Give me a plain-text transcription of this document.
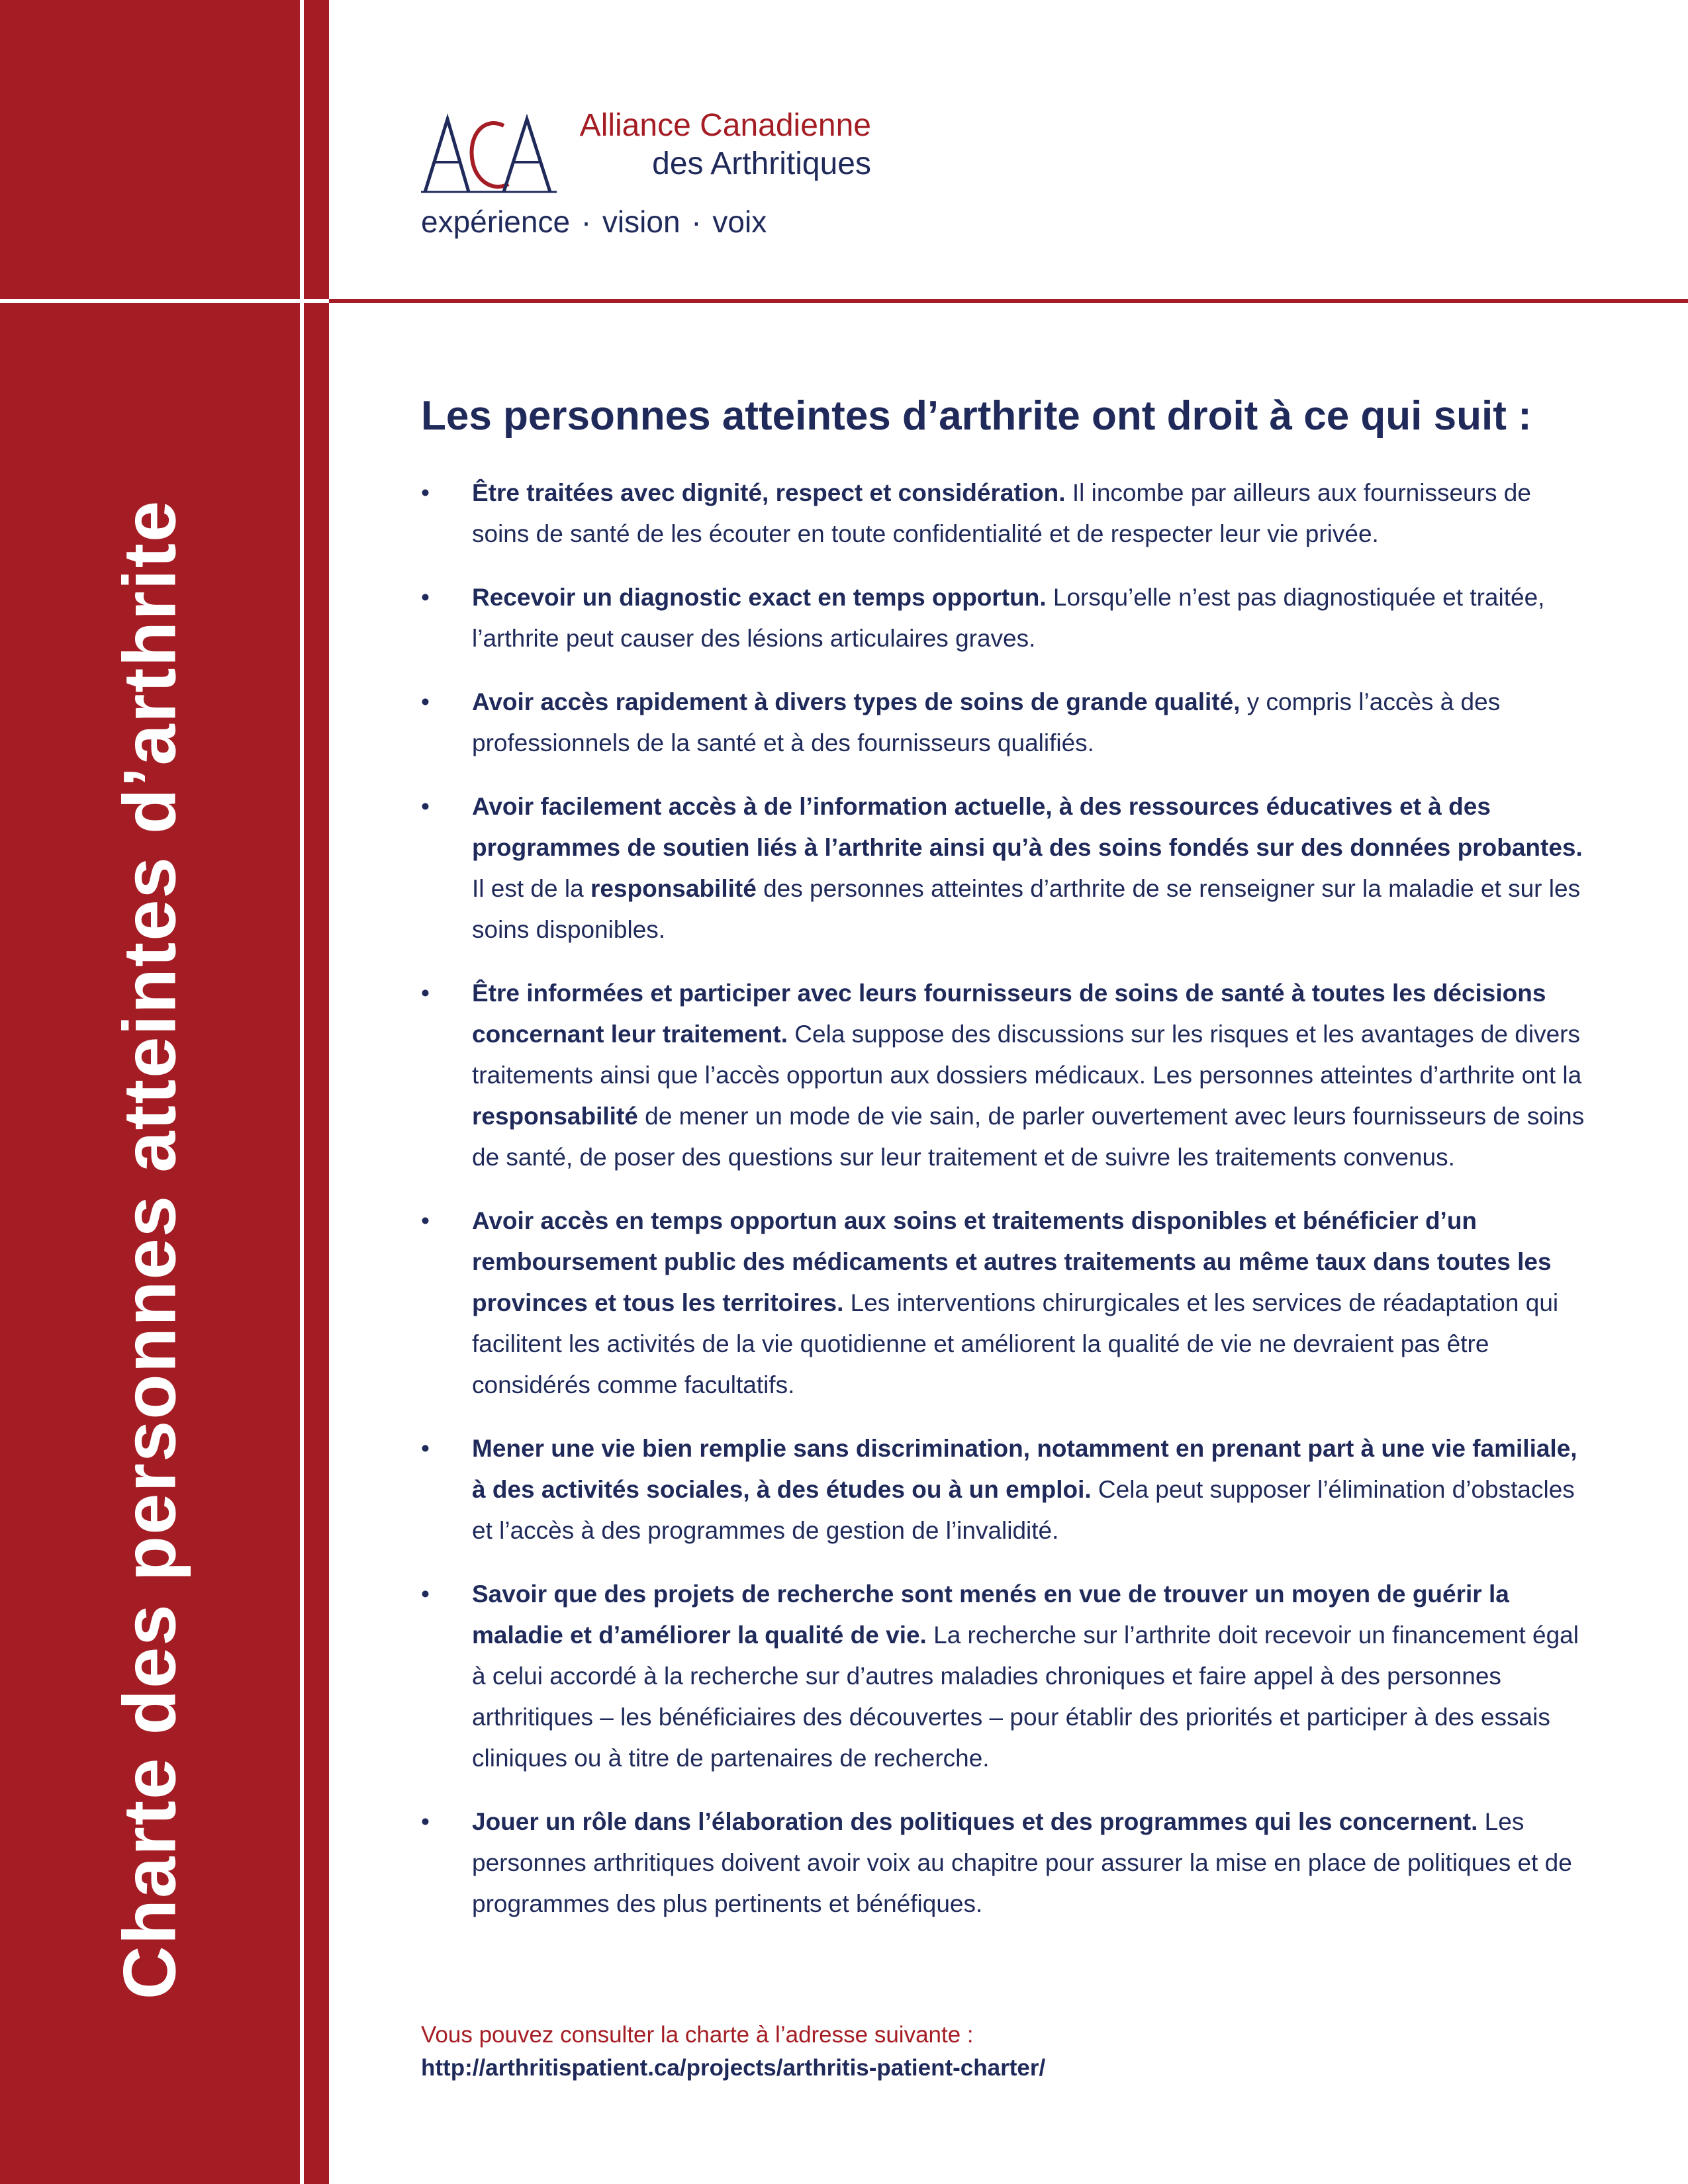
Charte des personnes atteintes d’arthrite
Alliance Canadienne
des Arthritiques
expérience · vision · voix
Les personnes atteintes d’arthrite ont droit à ce qui suit :
• Être traitées avec dignité, respect et considération. Il incombe par ailleurs aux fournisseurs de soins de santé de les écouter en toute confidentialité et de respecter leur vie privée.
• Recevoir un diagnostic exact en temps opportun. Lorsqu’elle n’est pas diagnostiquée et traitée, l’arthrite peut causer des lésions articulaires graves.
• Avoir accès rapidement à divers types de soins de grande qualité, y compris l’accès à des professionnels de la santé et à des fournisseurs qualifiés.
• Avoir facilement accès à de l’information actuelle, à des ressources éducatives et à des programmes de soutien liés à l’arthrite ainsi qu’à des soins fondés sur des données probantes. Il est de la responsabilité des personnes atteintes d’arthrite de se renseigner sur la maladie et sur les soins disponibles.
• Être informées et participer avec leurs fournisseurs de soins de santé à toutes les décisions concernant leur traitement. Cela suppose des discussions sur les risques et les avantages de divers traitements ainsi que l’accès opportun aux dossiers médicaux. Les personnes atteintes d’arthrite ont la responsabilité de mener un mode de vie sain, de parler ouvertement avec leurs fournisseurs de soins de santé, de poser des questions sur leur traitement et de suivre les traitements convenus.
• Avoir accès en temps opportun aux soins et traitements disponibles et bénéficier d’un remboursement public des médicaments et autres traitements au même taux dans toutes les provinces et tous les territoires. Les interventions chirurgicales et les services de réadaptation qui facilitent les activités de la vie quotidienne et améliorent la qualité de vie ne devraient pas être considérés comme facultatifs.
• Mener une vie bien remplie sans discrimination, notamment en prenant part à une vie familiale, à des activités sociales, à des études ou à un emploi. Cela peut supposer l’élimination d’obstacles et l’accès à des programmes de gestion de l’invalidité.
• Savoir que des projets de recherche sont menés en vue de trouver un moyen de guérir la maladie et d’améliorer la qualité de vie. La recherche sur l’arthrite doit recevoir un financement égal à celui accordé à la recherche sur d’autres maladies chroniques et faire appel à des personnes arthritiques – les bénéficiaires des découvertes – pour établir des priorités et participer à des essais cliniques ou à titre de partenaires de recherche.
• Jouer un rôle dans l’élaboration des politiques et des programmes qui les concernent. Les personnes arthritiques doivent avoir voix au chapitre pour assurer la mise en place de politiques et de programmes des plus pertinents et bénéfiques.
Vous pouvez consulter la charte à l’adresse suivante :
http://arthritispatient.ca/projects/arthritis-patient-charter/
